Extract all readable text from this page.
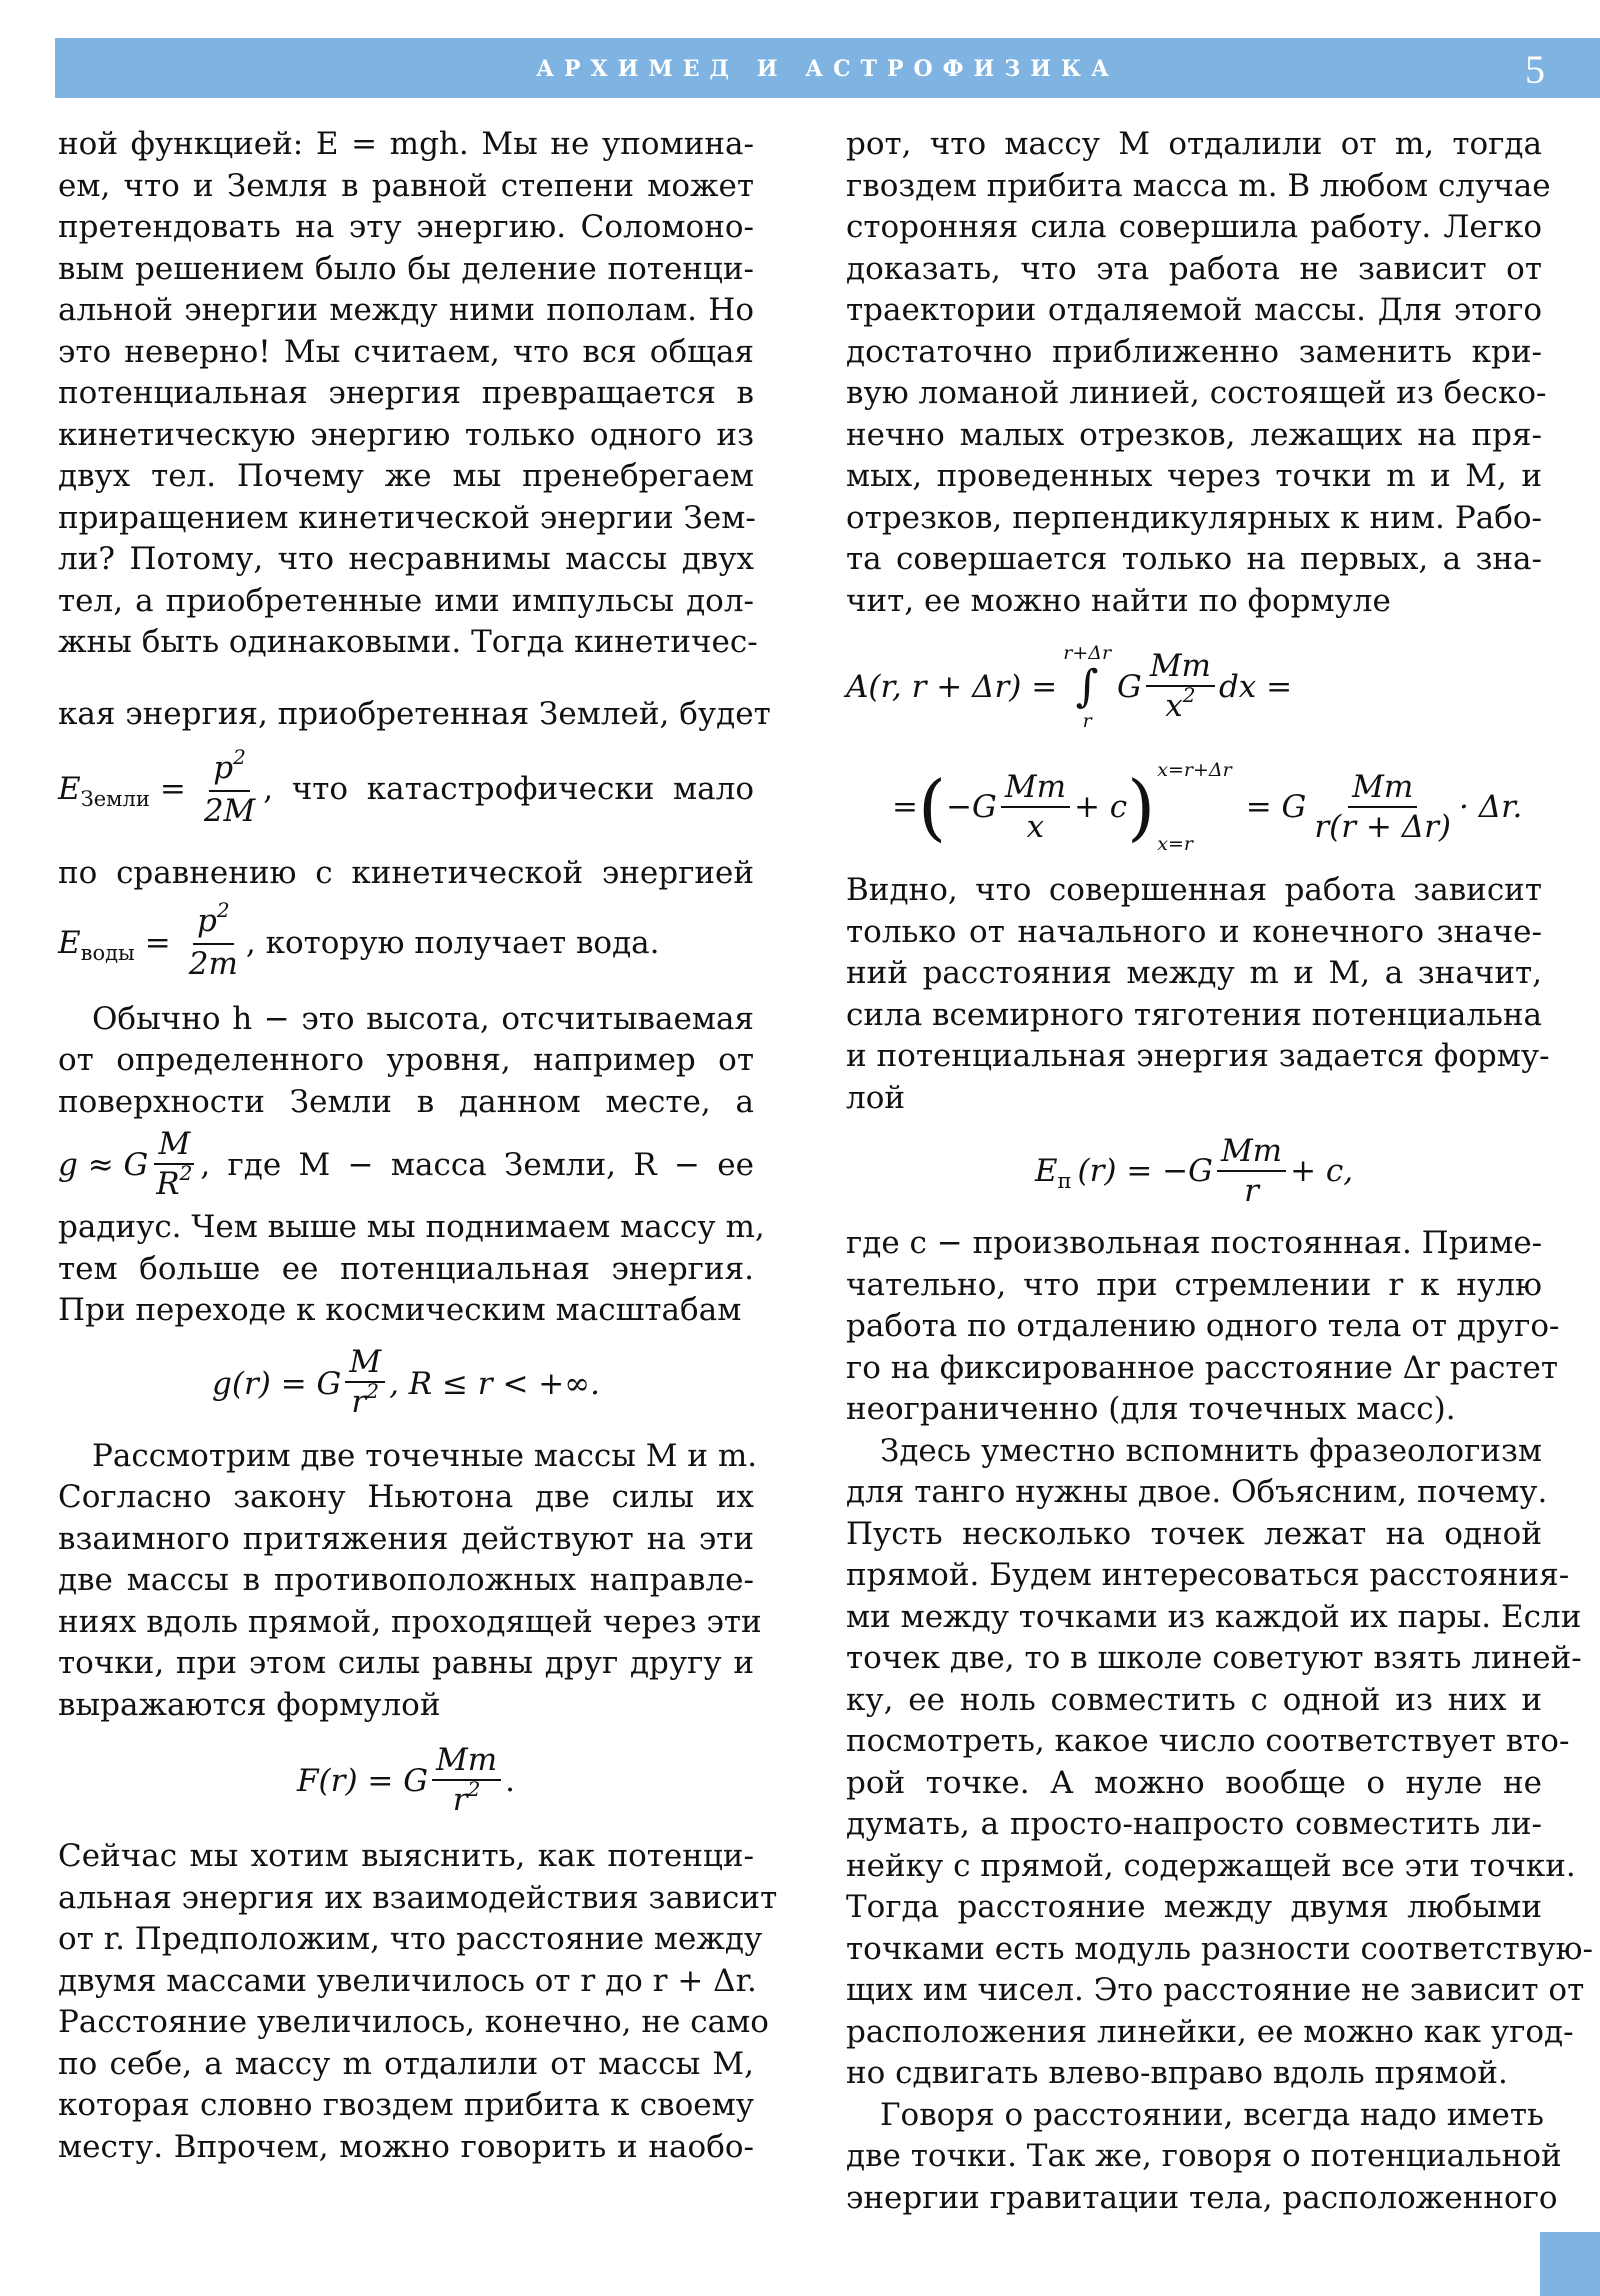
АРХИМЕД И АСТРОФИЗИКА	5
ной функцией: E = mgh. Мы не упомина-
ем, что и Земля в равной степени может
претендовать на эту энергию. Соломоно-
вым решением было бы деление потенци-
альной энергии между ними пополам. Но
это неверно! Мы считаем, что вся общая
потенциальная энергия превращается в
кинетическую энергию только одного из
двух тел. Почему же мы пренебрегаем
приращением кинетической энергии Зем-
ли? Потому, что несравнимы массы двух
тел, а приобретенные ими импульсы дол-
жны быть одинаковыми. Тогда кинетичес-
кая энергия, приобретенная Землей, будет
E Земли = $\frac{p^2}{2M}$ , что катастрофически мало
по сравнению с кинетической энергией
E воды = $\frac{p^2}{2m}$ , которую получает вода.
Обычно h − это высота, отсчитываемая
от определенного уровня, например от
поверхности Земли в данном месте, а
g ≈ G $\frac{M}{R^2}$ , где M − масса Земли, R − ее
радиус. Чем выше мы поднимаем массу m,
тем больше ее потенциальная энергия.
При переходе к космическим масштабам
g(r) = G $\frac{M}{r^2}$ , R ≤ r < +∞.
Рассмотрим две точечные массы M и m.
Согласно закону Ньютона две силы их
взаимного притяжения действуют на эти
две массы в противоположных направле-
ниях вдоль прямой, проходящей через эти
точки, при этом силы равны друг другу и
выражаются формулой
F(r) = G $\frac{Mm}{r^2}$ .
Сейчас мы хотим выяснить, как потенци-
альная энергия их взаимодействия зависит
от r. Предположим, что расстояние между
двумя массами увеличилось от r до r + Δr.
Расстояние увеличилось, конечно, не само
по себе, а массу m отдалили от массы M,
которая словно гвоздем прибита к своему
месту. Впрочем, можно говорить и наобо-
рот, что массу M отдалили от m, тогда
гвоздем прибита масса m. В любом случае
сторонняя сила совершила работу. Легко
доказать, что эта работа не зависит от
траектории отдаляемой массы. Для этого
достаточно приближенно заменить кри-
вую ломаной линией, состоящей из беско-
нечно малых отрезков, лежащих на пря-
мых, проведенных через точки m и M, и
отрезков, перпендикулярных к ним. Рабо-
та совершается только на первых, а зна-
чит, ее можно найти по формуле
A(r, r + Δr) =
r+Δr
∫
r
G $\frac{Mm}{x^2}$ dx =
= ( $-G \frac{Mm}{x} + c$ ) x=r+Δr
x=r
= G $\frac{Mm}{r(r + \Delta r)} \cdot \Delta r$.
Видно, что совершенная работа зависит
только от начального и конечного значе-
ний расстояния между m и M, а значит,
сила всемирного тяготения потенциальна
и потенциальная энергия задается форму-
лой
E п $(r) = -G \frac{Mm}{r} + c$,
где c − произвольная постоянная. Приме-
чательно, что при стремлении r к нулю
работа по отдалению одного тела от друго-
го на фиксированное расстояние Δr растет
неограниченно (для точечных масс).
Здесь уместно вспомнить фразеологизм
для танго нужны двое. Объясним, почему.
Пусть несколько точек лежат на одной
прямой. Будем интересоваться расстояния-
ми между точками из каждой их пары. Если
точек две, то в школе советуют взять линей-
ку, ее ноль совместить с одной из них и
посмотреть, какое число соответствует вто-
рой точке. А можно вообще о нуле не
думать, а просто-напросто совместить ли-
нейку с прямой, содержащей все эти точки.
Тогда расстояние между двумя любыми
точками есть модуль разности соответствую-
щих им чисел. Это расстояние не зависит от
расположения линейки, ее можно как угод-
но сдвигать влево-вправо вдоль прямой.
Говоря о расстоянии, всегда надо иметь
две точки. Так же, говоря о потенциальной
энергии гравитации тела, расположенного
